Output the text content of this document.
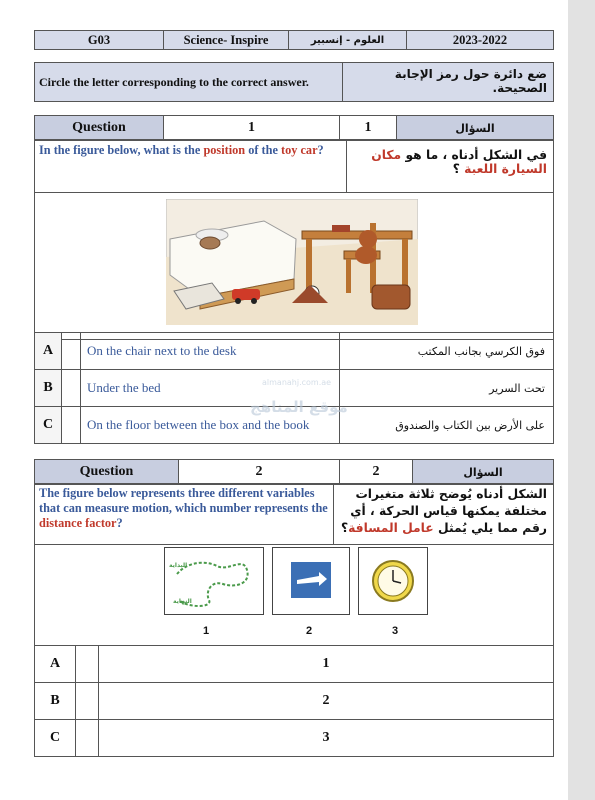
G03	Science- Inspire	العلوم - إنسبير	2023-2022
Circle the letter corresponding to the correct answer.	ضع دائرة حول رمز الإجابة الصحيحة.
Question	1	1	السؤال
In the figure below, what is the position of the toy car?	في الشكل أدناه ، ما هو مكان السيارة اللعبة ؟

A		On the chair next to the desk	فوق الكرسي بجانب المكتب
B		Under the bed	تحت السرير
C		On the floor between the box and the book	على الأرض بين الكتاب والصندوق
Question	2	2	السؤال
The figure below represents three different variables that can measure motion, which number represents the distance factor?	الشكل أدناه يُوضح ثلاثة متغيرات مختلفة يمكنها قياس الحركة ، أي رقم مما يلي يُمثل عامل المسافة؟

البداية
النهاية
1	2	3
A		1
B		2
C		3
almanahj.com.ae
موقع المناهج
